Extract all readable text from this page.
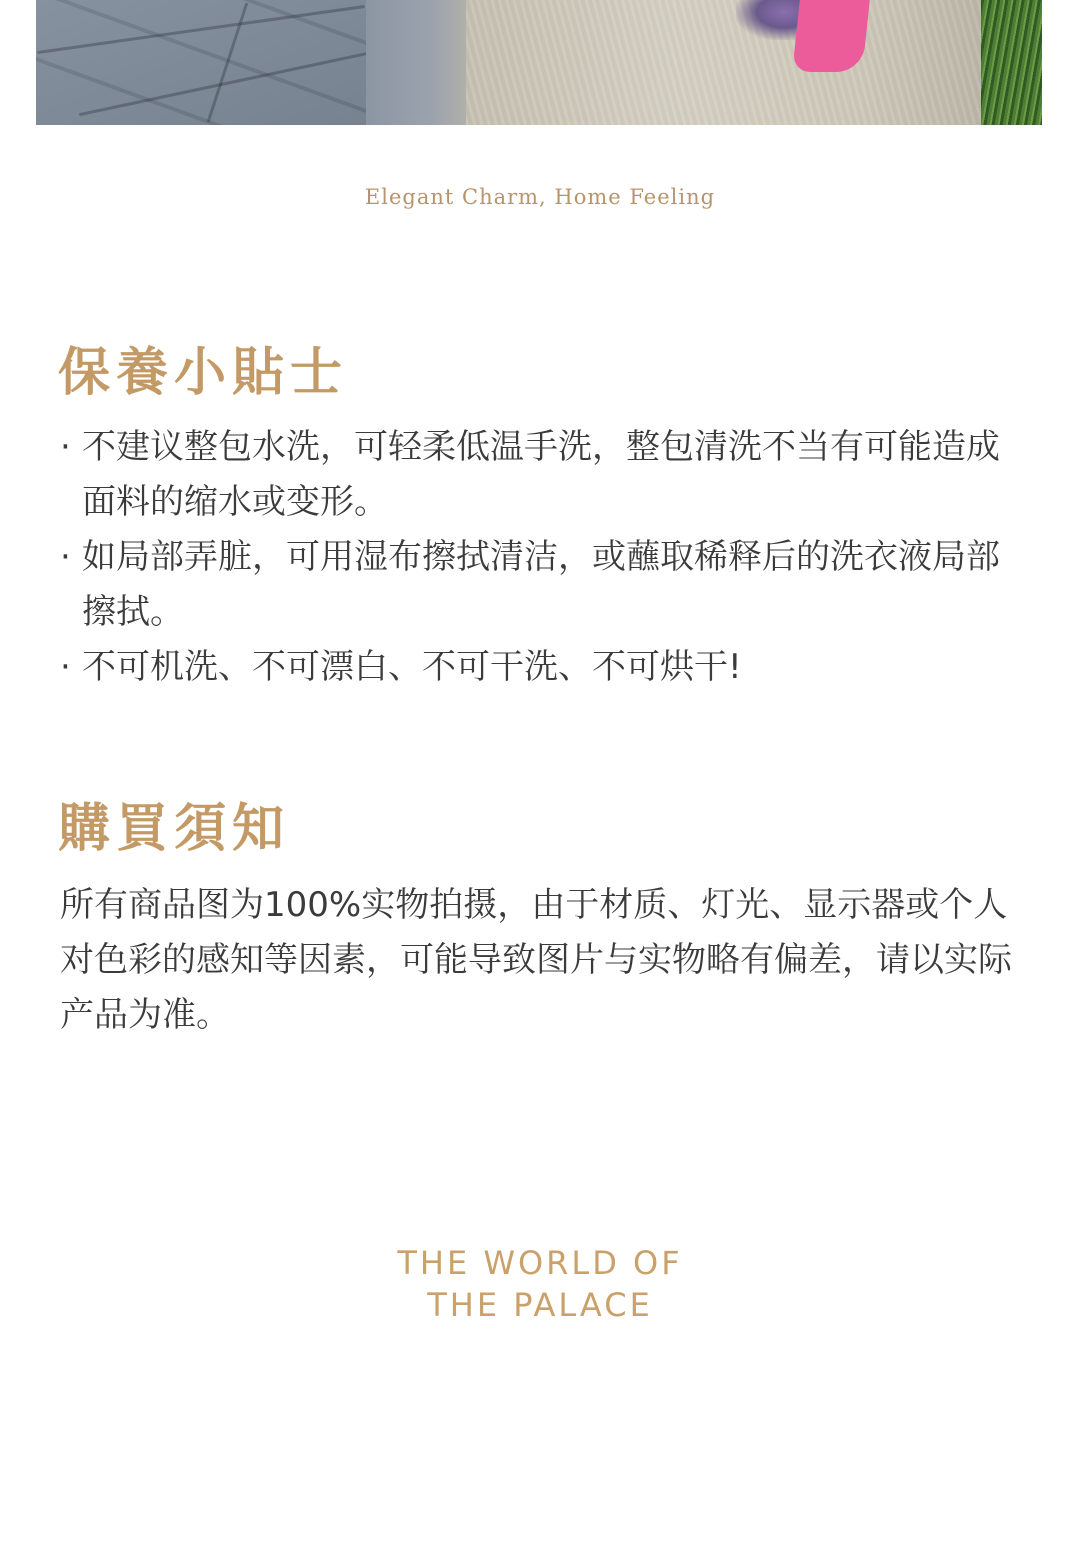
Elegant Charm, Home Feeling
保養小貼士
· 不建议整包水洗，可轻柔低温手洗，整包清洗不当有可能造成面料的缩水或变形。
· 如局部弄脏，可用湿布擦拭清洁，或蘸取稀释后的洗衣液局部擦拭。
· 不可机洗、不可漂白、不可干洗、不可烘干!
購買須知

所有商品图为100%实物拍摄，由于材质、灯光、显示器或个人对色彩的感知等因素，可能导致图片与实物略有偏差，请以实际产品为准。

THE WORLD OF
THE PALACE
